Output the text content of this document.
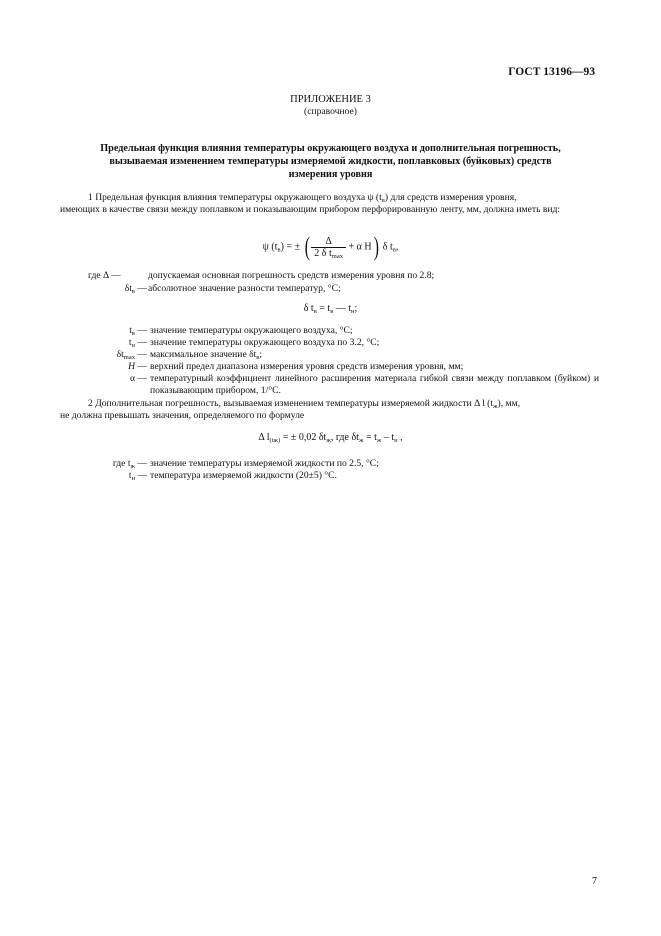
ГОСТ 13196—93
ПРИЛОЖЕНИЕ 3
(справочное)
Предельная функция влияния температуры окружающего воздуха и дополнительная погрешность,
вызываемая изменением температуры измеряемой жидкости, поплавковых (буйковых) средств
измерения уровня
1 Предельная функция влияния температуры окружающего воздуха ψ $(t_в)$ для средств измерения уровня,
имеющих в качестве связи между поплавком и показывающим прибором перфорированную ленту, мм, должна иметь вид:
ψ $(t_в)$ = ± ( $\frac{\Delta}{2 \delta t_{max}} + \alpha$ H) δ $t_в$,
где Δ —	допускаемая основная погрешность средств измерения уровня по 2.8;
$\delta t_в$ — абсолютное значение разности температур, °С;
δ $t_в = t_в$ — $t_н$;
$t_в$ — значение температуры окружающего воздуха, °С;
$t_н$ — значение температуры окружающего воздуха по 3.2, °С;
$\delta t_{max}$ — максимальное значение $\delta t_в$;
H — верхний предел диапазона измерения уровня средств измерения уровня, мм;
α — температурный коэффициент линейного расширения материала гибкой связи между поплавком (буйком) и показывающим прибором, 1/°С.
2 Дополнительная погрешность, вызываемая изменением температуры измеряемой жидкости Δ l $(t_ж)$, мм,
не должна превышать значения, определяемого по формуле
Δ $l_{(tж)}$ = ± 0,02 $\delta t_ж$, где $\delta t_ж = t_ж - t_н$ ,
где $t_ж$ — значение температуры измеряемой жидкости по 2.5, °С;
$t_н$ — температура измеряемой жидкости (20±5) °С.
7
